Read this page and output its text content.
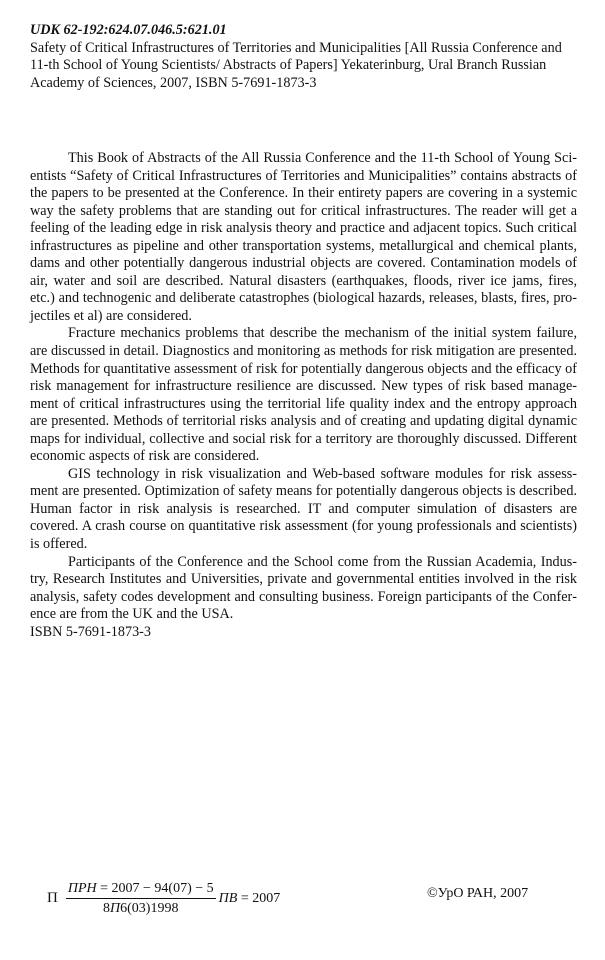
UDK 62-192:624.07.046.5:621.01

Safety of Critical Infrastructures of Territories and Municipalities [All Russia Conference and

11-th School of Young Scientists/ Abstracts of Papers] Yekaterinburg, Ural Branch Russian

Academy of Sciences, 2007, ISBN 5-7691-1873-3

This Book of Abstracts of the All Russia Conference and the 11-th School of Young Scientists “Safety of Critical Infrastructures of Territories and Municipalities” contains abstracts of the papers to be presented at the Conference. In their entirety papers are covering in a systemic way the safety problems that are standing out for critical infrastructures. The reader will get a feeling of the leading edge in risk analysis theory and practice and adjacent topics. Such critical infrastructures as pipeline and other transportation systems, metallurgical and chemical plants, dams and other potentially dangerous industrial objects are covered. Contamination models of air, water and soil are described. Natural disasters (earthquakes, floods, river ice jams, fires, etc.) and technogenic and deliberate catastrophes (biological hazards, releases, blasts, fires, projectiles et al) are considered.

Fracture mechanics problems that describe the mechanism of the initial system failure, are discussed in detail. Diagnostics and monitoring as methods for risk mitigation are presented. Methods for quantitative assessment of risk for potentially dangerous objects and the efficacy of risk management for infrastructure resilience are discussed. New types of risk based management of critical infrastructures using the territorial life quality index and the entropy approach are presented. Methods of territorial risks analysis and of creating and updating digital dynamic maps for individual, collective and social risk for a territory are thoroughly discussed. Different economic aspects of risk are considered.

GIS technology in risk visualization and Web-based software modules for risk assessment are presented. Optimization of safety means for potentially dangerous objects is described. Human factor in risk analysis is researched. IT and computer simulation of disasters are covered. A crash course on quantitative risk assessment (for young professionals and scientists) is offered.

Participants of the Conference and the School come from the Russian Academia, Industry, Research Institutes and Universities, private and governmental entities involved in the risk analysis, safety codes development and consulting business. Foreign participants of the Conference are from the UK and the USA.

ISBN 5-7691-1873-3

П $\frac{\text{ПРН = 2007 − 94(07) − 5}}{8П6(03)1998}$ ПВ = 2007	©УрО РАН, 2007
